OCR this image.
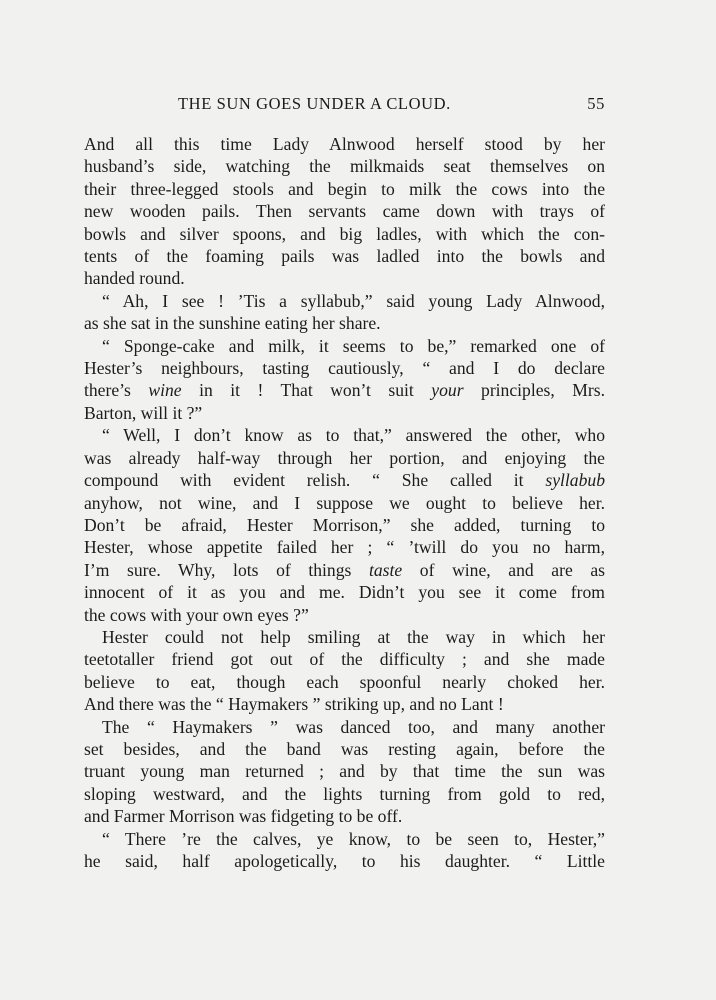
THE SUN GOES UNDER A CLOUD.	55

And all this time Lady Alnwood herself stood by her
husband’s side, watching the milkmaids seat themselves on
their three-legged stools and begin to milk the cows into the
new wooden pails. Then servants came down with trays of
bowls and silver spoons, and big ladles, with which the con-
tents of the foaming pails was ladled into the bowls and
handed round.

“ Ah, I see ! ’Tis a syllabub,” said young Lady Alnwood,
as she sat in the sunshine eating her share.

“ Sponge-cake and milk, it seems to be,” remarked one of
Hester’s neighbours, tasting cautiously, “ and I do declare
there’s wine in it ! That won’t suit your principles, Mrs.
Barton, will it ?”

“ Well, I don’t know as to that,” answered the other, who
was already half-way through her portion, and enjoying the
compound with evident relish. “ She called it syllabub
anyhow, not wine, and I suppose we ought to believe her.
Don’t be afraid, Hester Morrison,” she added, turning to
Hester, whose appetite failed her ; “ ’twill do you no harm,
I’m sure. Why, lots of things taste of wine, and are as
innocent of it as you and me. Didn’t you see it come from
the cows with your own eyes ?”

Hester could not help smiling at the way in which her
teetotaller friend got out of the difficulty ; and she made
believe to eat, though each spoonful nearly choked her.
And there was the “ Haymakers ” striking up, and no Lant !

The “ Haymakers ” was danced too, and many another
set besides, and the band was resting again, before the
truant young man returned ; and by that time the sun was
sloping westward, and the lights turning from gold to red,
and Farmer Morrison was fidgeting to be off.

“ There ’re the calves, ye know, to be seen to, Hester,”
he said, half apologetically, to his daughter. “ Little
